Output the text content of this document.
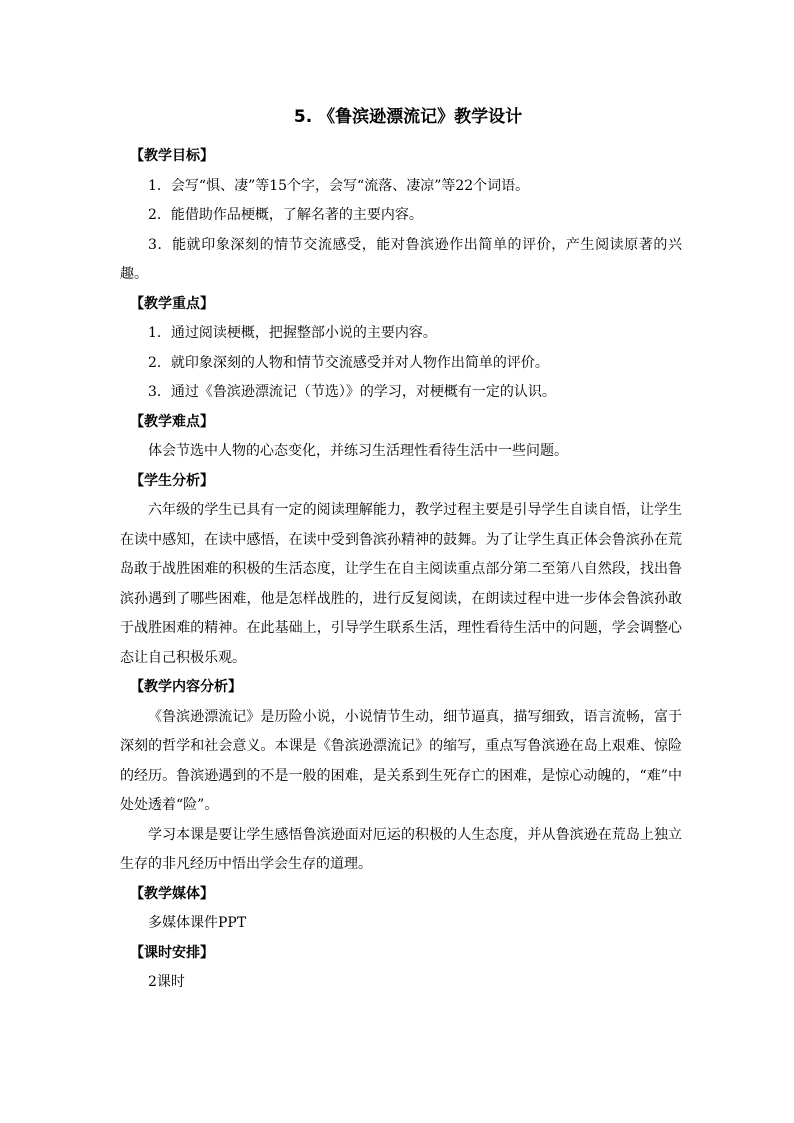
5. 《鲁滨逊漂流记》教学设计
【教学目标】
1．会写“惧、凄”等15个字，会写“流落、凄凉”等22个词语。
2．能借助作品梗概，了解名著的主要内容。
3．能就印象深刻的情节交流感受，能对鲁滨逊作出简单的评价，产生阅读原著的兴趣。
【教学重点】
1．通过阅读梗概，把握整部小说的主要内容。
2．就印象深刻的人物和情节交流感受并对人物作出简单的评价。
3．通过《鲁滨逊漂流记（节选）》的学习，对梗概有一定的认识。
【教学难点】
体会节选中人物的心态变化，并练习生活理性看待生活中一些问题。
【学生分析】
六年级的学生已具有一定的阅读理解能力，教学过程主要是引导学生自读自悟，让学生在读中感知，在读中感悟，在读中受到鲁滨孙精神的鼓舞。为了让学生真正体会鲁滨孙在荒岛敢于战胜困难的积极的生活态度，让学生在自主阅读重点部分第二至第八自然段，找出鲁滨孙遇到了哪些困难，他是怎样战胜的，进行反复阅读，在朗读过程中进一步体会鲁滨孙敢于战胜困难的精神。在此基础上，引导学生联系生活，理性看待生活中的问题，学会调整心态让自己积极乐观。
【教学内容分析】
《鲁滨逊漂流记》是历险小说，小说情节生动，细节逼真，描写细致，语言流畅，富于深刻的哲学和社会意义。本课是《鲁滨逊漂流记》的缩写，重点写鲁滨逊在岛上艰难、惊险的经历。鲁滨逊遇到的不是一般的困难，是关系到生死存亡的困难，是惊心动魄的，“难”中处处透着“险”。
学习本课是要让学生感悟鲁滨逊面对厄运的积极的人生态度，并从鲁滨逊在荒岛上独立生存的非凡经历中悟出学会生存的道理。
【教学媒体】
多媒体课件PPT
【课时安排】
2课时
